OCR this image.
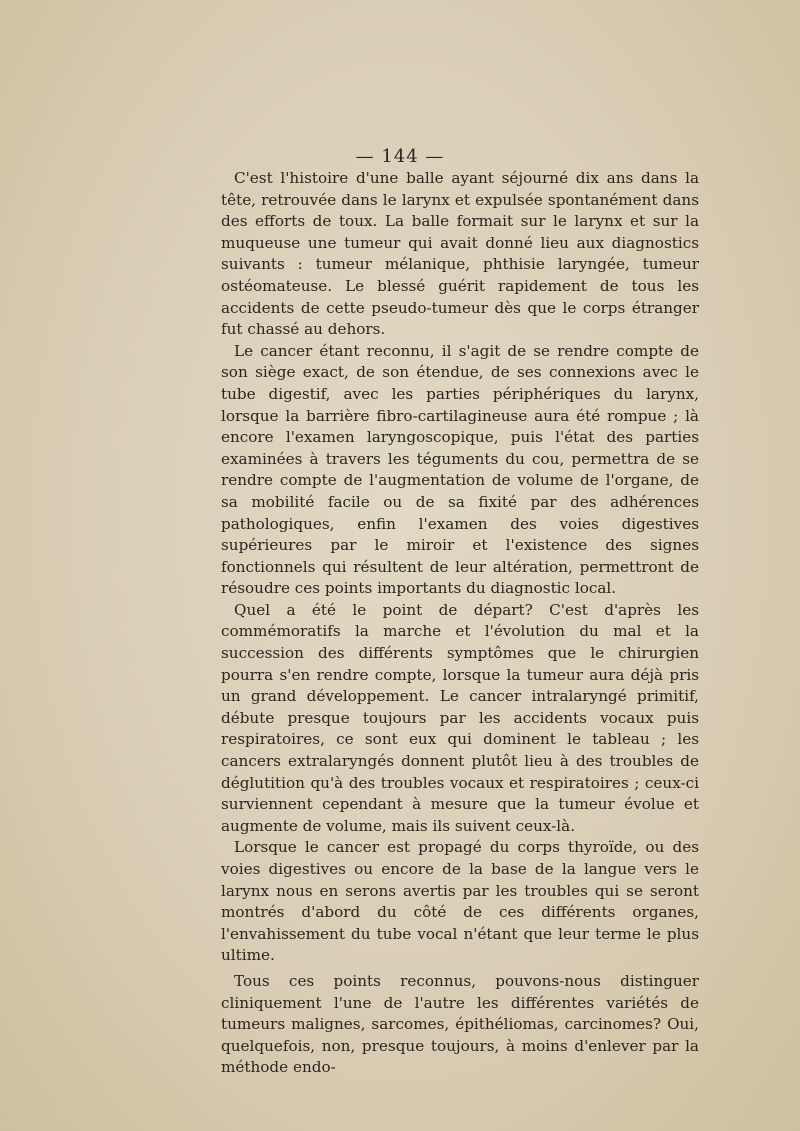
— 144 —

C'est l'histoire d'une balle ayant séjourné dix ans dans la tête, retrouvée dans le larynx et expulsée spontanément dans des efforts de toux. La balle formait sur le larynx et sur la muqueuse une tumeur qui avait donné lieu aux diagnostics suivants : tumeur mélanique, phthisie laryngée, tumeur ostéomateuse. Le blessé guérit rapidement de tous les accidents de cette pseudo-tumeur dès que le corps étranger fut chassé au dehors.

Le cancer étant reconnu, il s'agit de se rendre compte de son siège exact, de son étendue, de ses connexions avec le tube digestif, avec les parties périphériques du larynx, lorsque la barrière fibro-cartilagineuse aura été rompue ; là encore l'examen laryngoscopique, puis l'état des parties examinées à travers les téguments du cou, permettra de se rendre compte de l'augmentation de volume de l'organe, de sa mobilité facile ou de sa fixité par des adhérences pathologiques, enfin l'examen des voies digestives supérieures par le miroir et l'existence des signes fonctionnels qui résultent de leur altération, permettront de résoudre ces points importants du diagnostic local.

Quel a été le point de départ? C'est d'après les commémoratifs la marche et l'évolution du mal et la succession des différents symptômes que le chirurgien pourra s'en rendre compte, lorsque la tumeur aura déjà pris un grand développement. Le cancer intralaryngé primitif, débute presque toujours par les accidents vocaux puis respiratoires, ce sont eux qui dominent le tableau ; les cancers extralaryngés donnent plutôt lieu à des troubles de déglutition qu'à des troubles vocaux et respiratoires ; ceux-ci surviennent cependant à mesure que la tumeur évolue et augmente de volume, mais ils suivent ceux-là.

Lorsque le cancer est propagé du corps thyroïde, ou des voies digestives ou encore de la base de la langue vers le larynx nous en serons avertis par les troubles qui se seront montrés d'abord du côté de ces différents organes, l'envahissement du tube vocal n'étant que leur terme le plus ultime.

Tous ces points reconnus, pouvons-nous distinguer cliniquement l'une de l'autre les différentes variétés de tumeurs malignes, sarcomes, épithéliomas, carcinomes? Oui, quelquefois, non, presque toujours, à moins d'enlever par la méthode endo-
